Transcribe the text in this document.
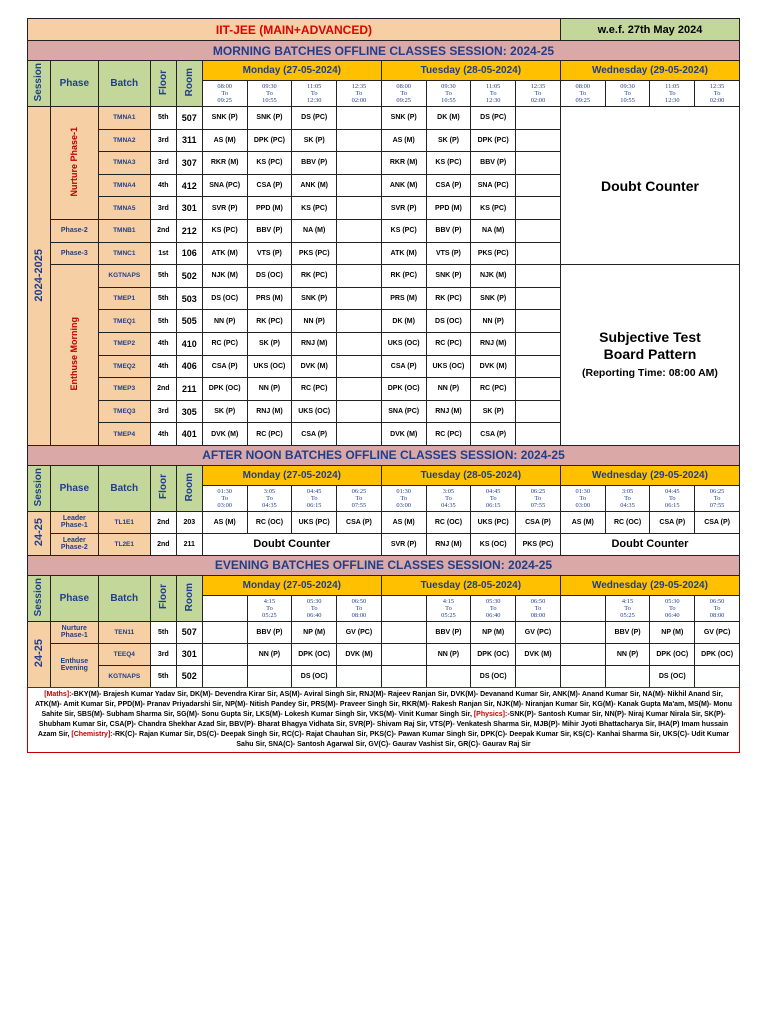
IIT-JEE (MAIN+ADVANCED)													w.e.f. 27th May 2024			
MORNING BATCHES OFFLINE CLASSES SESSION: 2024-25																
Session	Phase	Batch	Floor	Room	Monday (27-05-2024)				Tuesday (28-05-2024)				Wednesday (29-05-2024)			
					08:00
To
09:25	09:30
To
10:55	11:05
To
12:30	12:35
To
02:00	08:00
To
09:25	09:30
To
10:55	11:05
To
12:30	12:35
To
02:00	08:00
To
09:25	09:30
To
10:55	11:05
To
12:30	12:35
To
02:00
2024-2025	Nurture Phase-1	TMNA1	5th	507	SNK (P)	SNK (P)	DS (PC)		SNK (P)	DK (M)	DS (PC)		Doubt Counter			
		TMNA2	3rd	311	AS (M)	DPK (PC)	SK (P)		AS (M)	SK (P)	DPK (PC)					
		TMNA3	3rd	307	RKR (M)	KS (PC)	BBV (P)		RKR (M)	KS (PC)	BBV (P)					
		TMNA4	4th	412	SNA (PC)	CSA (P)	ANK (M)		ANK (M)	CSA (P)	SNA (PC)					
		TMNA5	3rd	301	SVR (P)	PPD (M)	KS (PC)		SVR (P)	PPD (M)	KS (PC)					
	Phase-2	TMNB1	2nd	212	KS (PC)	BBV (P)	NA (M)		KS (PC)	BBV (P)	NA (M)					
	Phase-3	TMNC1	1st	106	ATK (M)	VTS (P)	PKS (PC)		ATK (M)	VTS (P)	PKS (PC)					
	Enthuse Morning	KGTNAPS	5th	502	NJK (M)	DS (OC)	RK (PC)		RK (PC)	SNK (P)	NJK (M)		Subjective Test
Board Pattern
(Reporting Time: 08:00 AM)			
		TMEP1	5th	503	DS (OC)	PRS (M)	SNK (P)		PRS (M)	RK (PC)	SNK (P)					
		TMEQ1	5th	505	NN (P)	RK (PC)	NN (P)		DK (M)	DS (OC)	NN (P)					
		TMEP2	4th	410	RC (PC)	SK (P)	RNJ (M)		UKS (OC)	RC (PC)	RNJ (M)					
		TMEQ2	4th	406	CSA (P)	UKS (OC)	DVK (M)		CSA (P)	UKS (OC)	DVK (M)					
		TMEP3	2nd	211	DPK (OC)	NN (P)	RC (PC)		DPK (OC)	NN (P)	RC (PC)					
		TMEQ3	3rd	305	SK (P)	RNJ (M)	UKS (OC)		SNA (PC)	RNJ (M)	SK (P)					
		TMEP4	4th	401	DVK (M)	RC (PC)	CSA (P)		DVK (M)	RC (PC)	CSA (P)					
AFTER NOON BATCHES OFFLINE CLASSES SESSION: 2024-25																
Session	Phase	Batch	Floor	Room	Monday (27-05-2024)				Tuesday (28-05-2024)				Wednesday (29-05-2024)			
					01:30
To
03:00	3:05
To
04:35	04:45
To
06:15	06:25
To
07:55	01:30
To
03:00	3:05
To
04:35	04:45
To
06:15	06:25
To
07:55	01:30
To
03:00	3:05
To
04:35	04:45
To
06:15	06:25
To
07:55
24-25	Leader Phase-1	TL1E1	2nd	203	AS (M)	RC (OC)	UKS (PC)	CSA (P)	AS (M)	RC (OC)	UKS (PC)	CSA (P)	AS (M)	RC (OC)	CSA (P)	CSA (P)
	Leader Phase-2	TL2E1	2nd	211	Doubt Counter				SVR (P)	RNJ (M)	KS (OC)	PKS (PC)	Doubt Counter			
EVENING BATCHES OFFLINE CLASSES SESSION: 2024-25																
Session	Phase	Batch	Floor	Room	Monday (27-05-2024)				Tuesday (28-05-2024)				Wednesday (29-05-2024)			
						4:15
To
05:25	05:30
To
06:40	06:50
To
08:00		4:15
To
05:25	05:30
To
06:40	06:50
To
08:00		4:15
To
05:25	05:30
To
06:40	06:50
To
08:00
24-25	Nurture Phase-1	TEN11	5th	507		BBV (P)	NP (M)	GV (PC)		BBV (P)	NP (M)	GV (PC)		BBV (P)	NP (M)	GV (PC)
	Enthuse Evening	TEEQ4	3rd	301		NN (P)	DPK (OC)	DVK (M)		NN (P)	DPK (OC)	DVK (M)		NN (P)	DPK (OC)	DPK (OC)
		KGTNAPS	5th	502			DS (OC)				DS (OC)				DS (OC)	
[Maths]:-BKY(M)- Brajesh Kumar Yadav Sir, DK(M)- Devendra Kirar Sir, AS(M)- Aviral Singh Sir, RNJ(M)- Rajeev Ranjan Sir, DVK(M)- Devanand Kumar Sir, ANK(M)- Anand Kumar Sir, NA(M)- Nikhil Anand Sir, ATK(M)- Amit Kumar Sir, PPD(M)- Pranav Priyadarshi Sir, NP(M)- Nitish Pandey Sir, PRS(M)- Praveer Singh Sir, RKR(M)- Rakesh Ranjan Sir, NJK(M)- Niranjan Kumar Sir, KG(M)- Kanak Gupta Ma'am, MS(M)- Monu Sahite Sir, SBS(M)- Subham Sharma Sir, SG(M)- Sonu Gupta Sir, LKS(M)- Lokesh Kumar Singh Sir, VKS(M)- Vinit Kumar Singh Sir, [Physics]:-SNK(P)- Santosh Kumar Sir, NN(P)- Niraj Kumar Nirala Sir, SK(P)- Shubham Kumar Sir, CSA(P)- Chandra Shekhar Azad Sir, BBV(P)- Bharat Bhagya Vidhata Sir, SVR(P)- Shivam Raj Sir, VTS(P)- Venkatesh Sharma Sir, MJB(P)- Mihir Jyoti Bhattacharya Sir, IHA(P) Imam hussain Azam Sir, [Chemistry]:-RK(C)- Rajan Kumar Sir, DS(C)- Deepak Singh Sir, RC(C)- Rajat Chauhan Sir, PKS(C)- Pawan Kumar Singh Sir, DPK(C)- Deepak Kumar Sir, KS(C)- Kanhai Sharma Sir, UKS(C)- Udit Kumar Sahu Sir, SNA(C)- Santosh Agarwal Sir, GV(C)- Gaurav Vashist Sir, GR(C)- Gaurav Raj Sir
